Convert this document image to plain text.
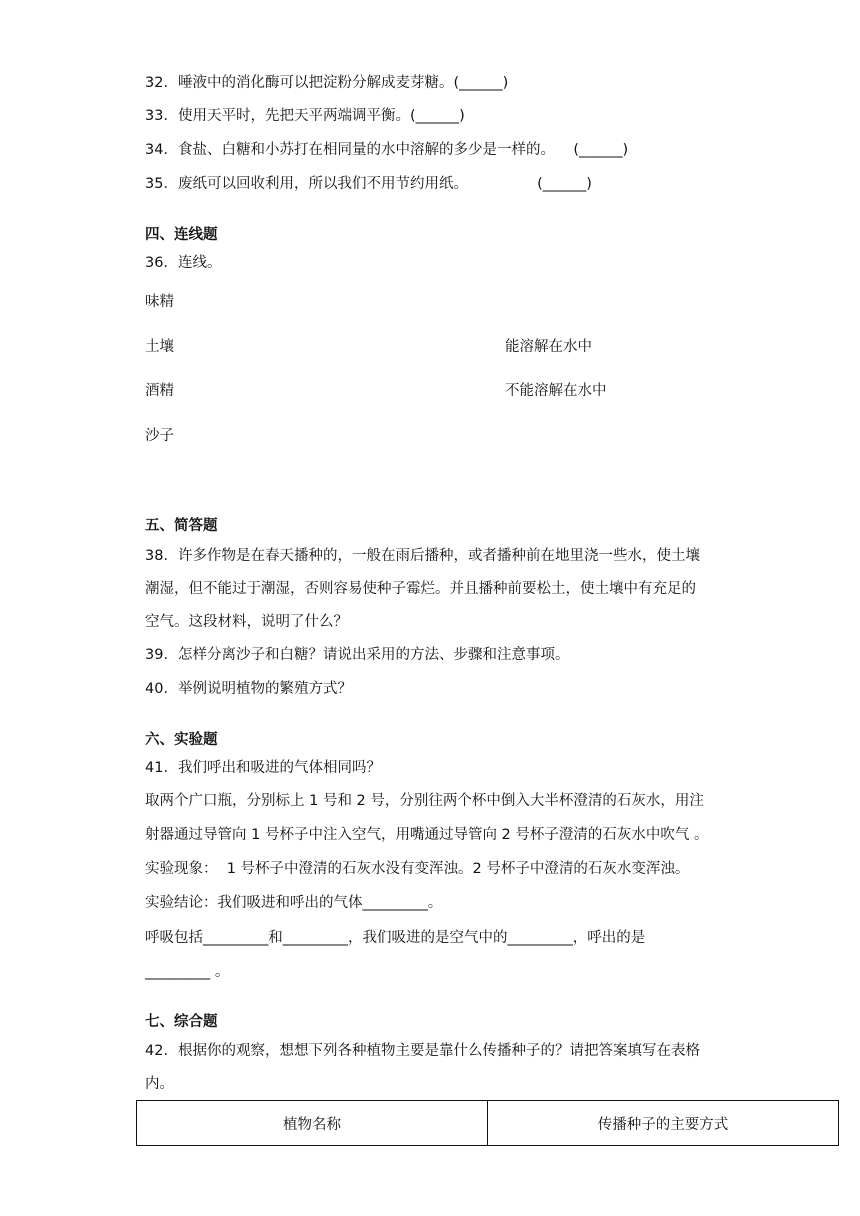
32．唾液中的消化酶可以把淀粉分解成麦芽糖。(______)
33．使用天平时，先把天平两端调平衡。(______)
34．食盐、白糖和小苏打在相同量的水中溶解的多少是一样的。    (______)
35．废纸可以回收利用，所以我们不用节约用纸。               (______)
四、连线题
36．连线。
味精
土壤
酒精
沙子
能溶解在水中
不能溶解在水中
五、简答题
38．许多作物是在春天播种的，一般在雨后播种，或者播种前在地里浇一些水，使土壤
潮湿，但不能过于潮湿，否则容易使种子霉烂。并且播种前要松土，使土壤中有充足的
空气。这段材料，说明了什么？
39．怎样分离沙子和白糖？请说出采用的方法、步骤和注意事项。
40．举例说明植物的繁殖方式？
六、实验题
41．我们呼出和吸进的气体相同吗？
取两个广口瓶，分别标上 1 号和 2 号，分别往两个杯中倒入大半杯澄清的石灰水，用注
射器通过导管向 1 号杯子中注入空气，用嘴通过导管向 2 号杯子澄清的石灰水中吹气 。
实验现象：  1 号杯子中澄清的石灰水没有变浑浊。2 号杯子中澄清的石灰水变浑浊。
实验结论：我们吸进和呼出的气体_________。
呼吸包括_________和_________，我们吸进的是空气中的_________，呼出的是
_________ 。
七、综合题
42．根据你的观察，想想下列各种植物主要是靠什么传播种子的？请把答案填写在表格
内。
植物名称	传播种子的主要方式
